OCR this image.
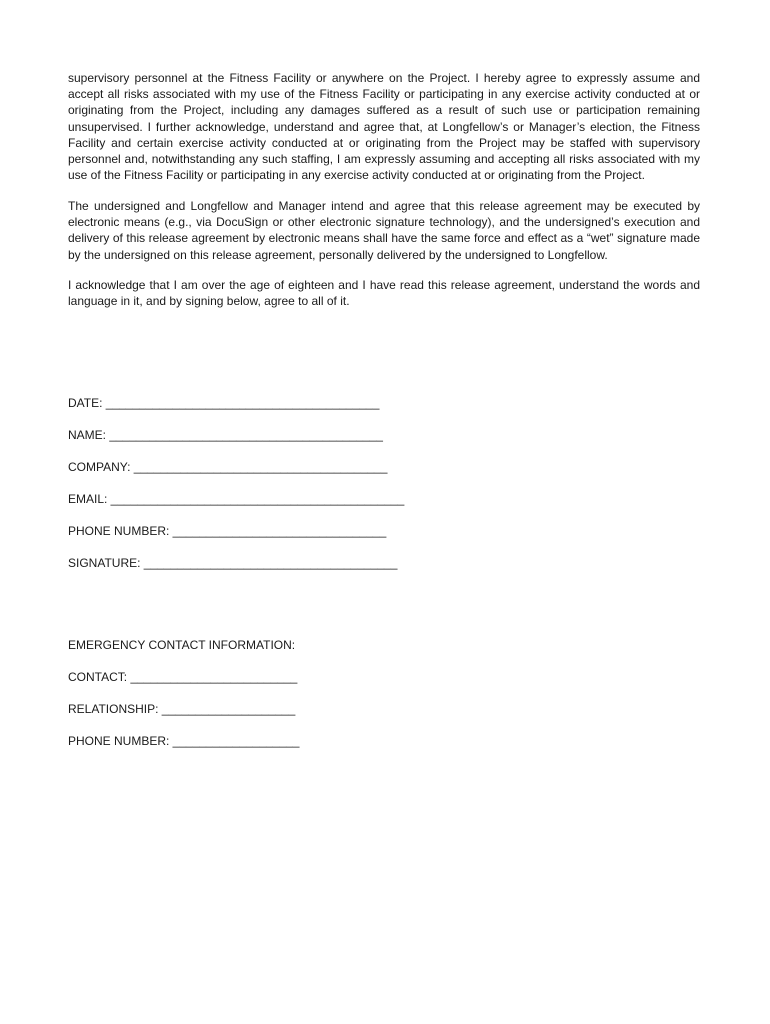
supervisory personnel at the Fitness Facility or anywhere on the Project. I hereby agree to expressly assume and accept all risks associated with my use of the Fitness Facility or participating in any exercise activity conducted at or originating from the Project, including any damages suffered as a result of such use or participation remaining unsupervised. I further acknowledge, understand and agree that, at Longfellow’s or Manager’s election, the Fitness Facility and certain exercise activity conducted at or originating from the Project may be staffed with supervisory personnel and, notwithstanding any such staffing, I am expressly assuming and accepting all risks associated with my use of the Fitness Facility or participating in any exercise activity conducted at or originating from the Project.

The undersigned and Longfellow and Manager intend and agree that this release agreement may be executed by electronic means (e.g., via DocuSign or other electronic signature technology), and the undersigned’s execution and delivery of this release agreement by electronic means shall have the same force and effect as a “wet” signature made by the undersigned on this release agreement, personally delivered by the undersigned to Longfellow.

I acknowledge that I am over the age of eighteen and I have read this release agreement, understand the words and language in it, and by signing below, agree to all of it.

DATE: _________________________________________
NAME: _________________________________________
COMPANY: ______________________________________
EMAIL: ____________________________________________
PHONE NUMBER: ________________________________
SIGNATURE: ______________________________________
EMERGENCY CONTACT INFORMATION:
CONTACT: _________________________
RELATIONSHIP: ____________________
PHONE NUMBER: ___________________
